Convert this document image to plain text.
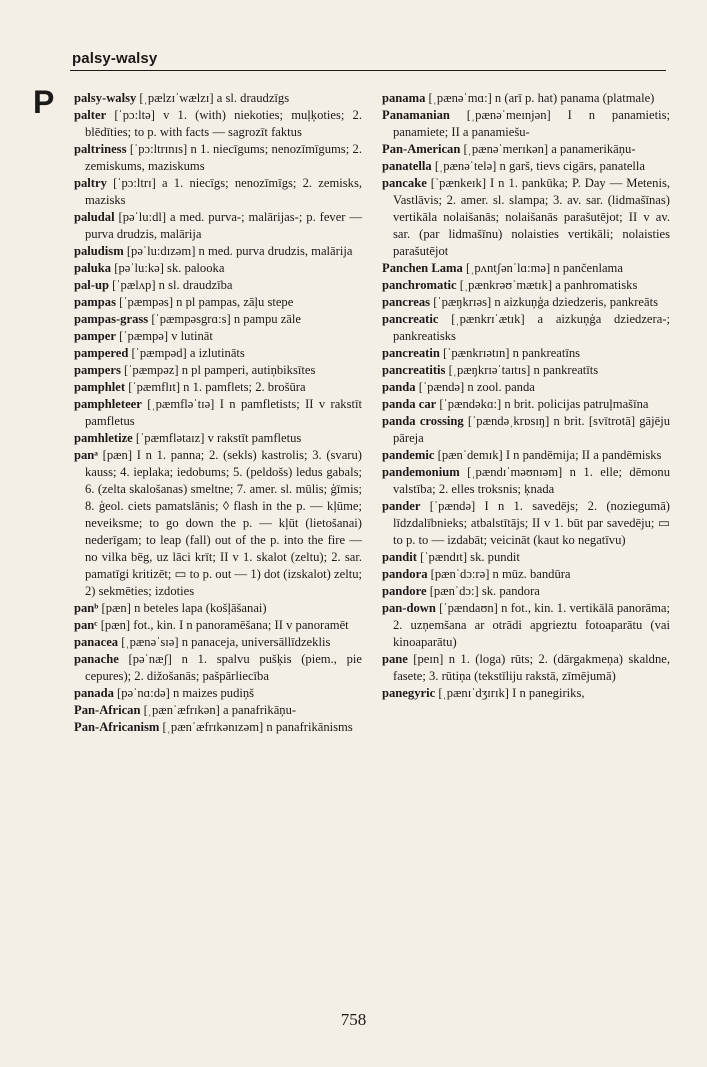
palsy-walsy
P palsy-walsy [ˌpælzɪˈwælzɪ] a sl. draudzīgs
palter [ˈpɔ:ltə] v 1. (with) niekoties; muļķoties; 2. blēdīties; to p. with facts — sagrozīt faktus
paltriness [ˈpɔ:ltrɪnɪs] n 1. niecīgums; nenozīmīgums; 2. zemiskums, maziskums
paltry [ˈpɔ:ltrɪ] a 1. niecīgs; nenozīmīgs; 2. zemisks, mazisks
paludal [pəˈlu:dl] a med. purva-; malārijas-; p. fever — purva drudzis, malārija
paludism [pəˈlu:dɪzəm] n med. purva drudzis, malārija
paluka [pəˈlu:kə] sk. palooka
pal-up [ˈpælʌp] n sl. draudzība
pampas [ˈpæmpəs] n pl pampas, zāļu stepe
pampas-grass [ˈpæmpəsgrɑ:s] n pampu zāle
pamper [ˈpæmpə] v lutināt
pampered [ˈpæmpəd] a izlutināts
pampers [ˈpæmpəz] n pl pamperi, autiņbiksītes
pamphlet [ˈpæmflɪt] n 1. pamflets; 2. brošūra
pamphleteer [ˌpæmfləˈtɪə] I n pamfletists; II v rakstīt pamfletus
pamhletize [ˈpæmflətaɪz] v rakstīt pamfletus
panᵃ [pæn] I n 1. panna; 2. (sekls) kastrolis; 3. (svaru) kauss; 4. ieplaka; iedobums; 5. (peldošs) ledus gabals; 6. (zelta skalošanas) smeltne; 7. amer. sl. mūlis; ģīmis; 8. ģeol. ciets pamatslānis; ◊ flash in the p. — kļūme; neveiksme; to go down the p. — kļūt (lietošanai) nederīgam; to leap (fall) out of the p. into the fire — no vilka bēg, uz lāci krīt; II v 1. skalot (zeltu); 2. sar. pamatīgi kritizēt; ▭ to p. out — 1) dot (izskalot) zeltu; 2) sekmēties; izdoties
panᵇ [pæn] n beteles lapa (košļāšanai)
panᶜ [pæn] fot., kin. I n panoramēšana; II v panoramēt
panacea [ˌpænəˈsɪə] n panaceja, universāllīdzeklis
panache [pəˈnæʃ] n 1. spalvu pušķis (piem., pie cepures); 2. dižošanās; pašpārliecība
panada [pəˈnɑ:də] n maizes pudiņš
Pan-African [ˌpænˈæfrɪkən] a panafrikāņu-
Pan-Africanism [ˌpænˈæfrɪkənɪzəm] n panafrikānisms
panama [ˌpænəˈmɑ:] n (arī p. hat) panama (platmale)
Panamanian [ˌpænəˈmeɪnjən] I n panamietis; panamiete; II a panamiešu-
Pan-American [ˌpænəˈmerɪkən] a panamerikāņu-
panatella [ˌpænəˈtelə] n garš, tievs cigārs, panatella
pancake [ˈpænkeɪk] I n 1. pankūka; P. Day — Metenis, Vastlāvis; 2. amer. sl. slampa; 3. av. sar. (lidmašīnas) vertikāla nolaišanās; nolaišanās parašutējot; II v av. sar. (par lidmašīnu) nolaisties vertikāli; nolaisties parašutējot
Panchen Lama [ˌpʌntʃənˈlɑ:mə] n pančenlama
panchromatic [ˌpænkrəʊˈmætɪk] a panhromatisks
pancreas [ˈpæŋkrɪəs] n aizkuņģa dziedzeris, pankreāts
pancreatic [ˌpænkrɪˈætɪk] a aizkuņģa dziedzera-; pankreatisks
pancreatin [ˈpænkrɪətɪn] n pankreatīns
pancreatitis [ˌpæŋkrɪəˈtaɪtɪs] n pankreatīts
panda [ˈpændə] n zool. panda
panda car [ˈpændəkɑ:] n brit. policijas patruļmašīna
panda crossing [ˈpændəˌkrɒsɪŋ] n brit. [svītrotā] gājēju pāreja
pandemic [pænˈdemɪk] I n pandēmija; II a pandēmisks
pandemonium [ˌpændɪˈməʊnɪəm] n 1. elle; dēmonu valstība; 2. elles troksnis; ķnada
pander [ˈpændə] I n 1. savedējs; 2. (noziegumā) līdzdalībnieks; atbalstītājs; II v 1. būt par savedēju; ▭ to p. to — izdabāt; veicināt (kaut ko negatīvu)
pandit [ˈpændɪt] sk. pundit
pandora [pænˈdɔ:rə] n mūz. bandūra
pandore [pænˈdɔ:] sk. pandora
pan-down [ˈpændaʊn] n fot., kin. 1. vertikālā panorāma; 2. uzņemšana ar otrādi apgrieztu fotoaparātu (vai kinoaparātu)
pane [peɪn] n 1. (loga) rūts; 2. (dārgakmeņa) skaldne, fasete; 3. rūtiņa (tekstīliju rakstā, zīmējumā)
panegyric [ˌpænɪˈdʒɪrɪk] I n panegiriks,
758
